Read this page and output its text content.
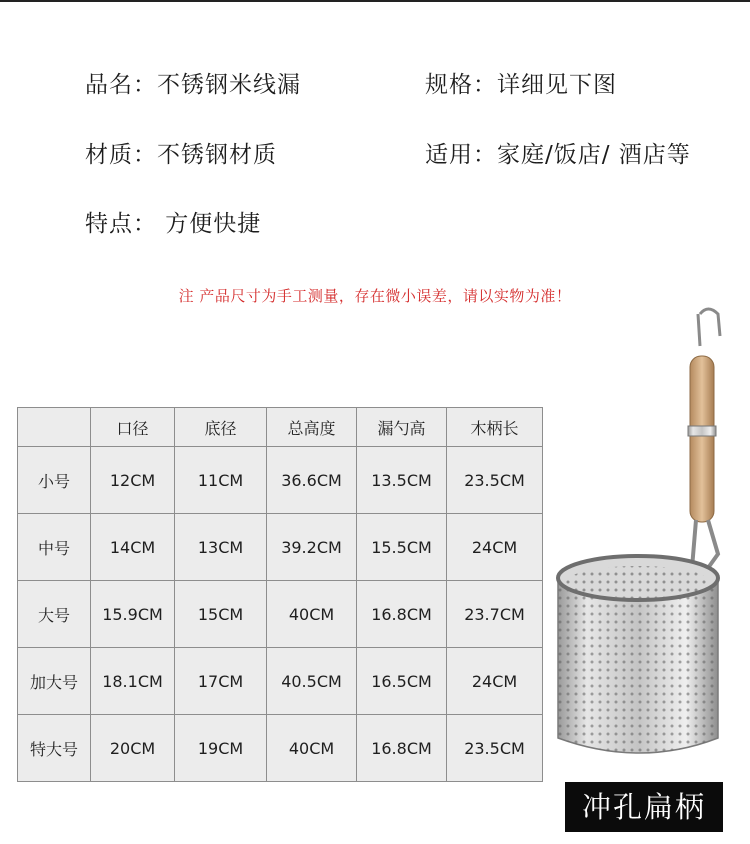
品名：不锈钢米线漏	规格：详细见下图
材质：不锈钢材质	适用：家庭/饭店/ 酒店等
特点： 方便快捷
注 产品尺寸为手工测量，存在微小误差，请以实物为准！
	口径	底径	总高度	漏勺高	木柄长
小号	12CM	11CM	36.6CM	13.5CM	23.5CM
中号	14CM	13CM	39.2CM	15.5CM	24CM
大号	15.9CM	15CM	40CM	16.8CM	23.7CM
加大号	18.1CM	17CM	40.5CM	16.5CM	24CM
特大号	20CM	19CM	40CM	16.8CM	23.5CM
冲孔扁柄
